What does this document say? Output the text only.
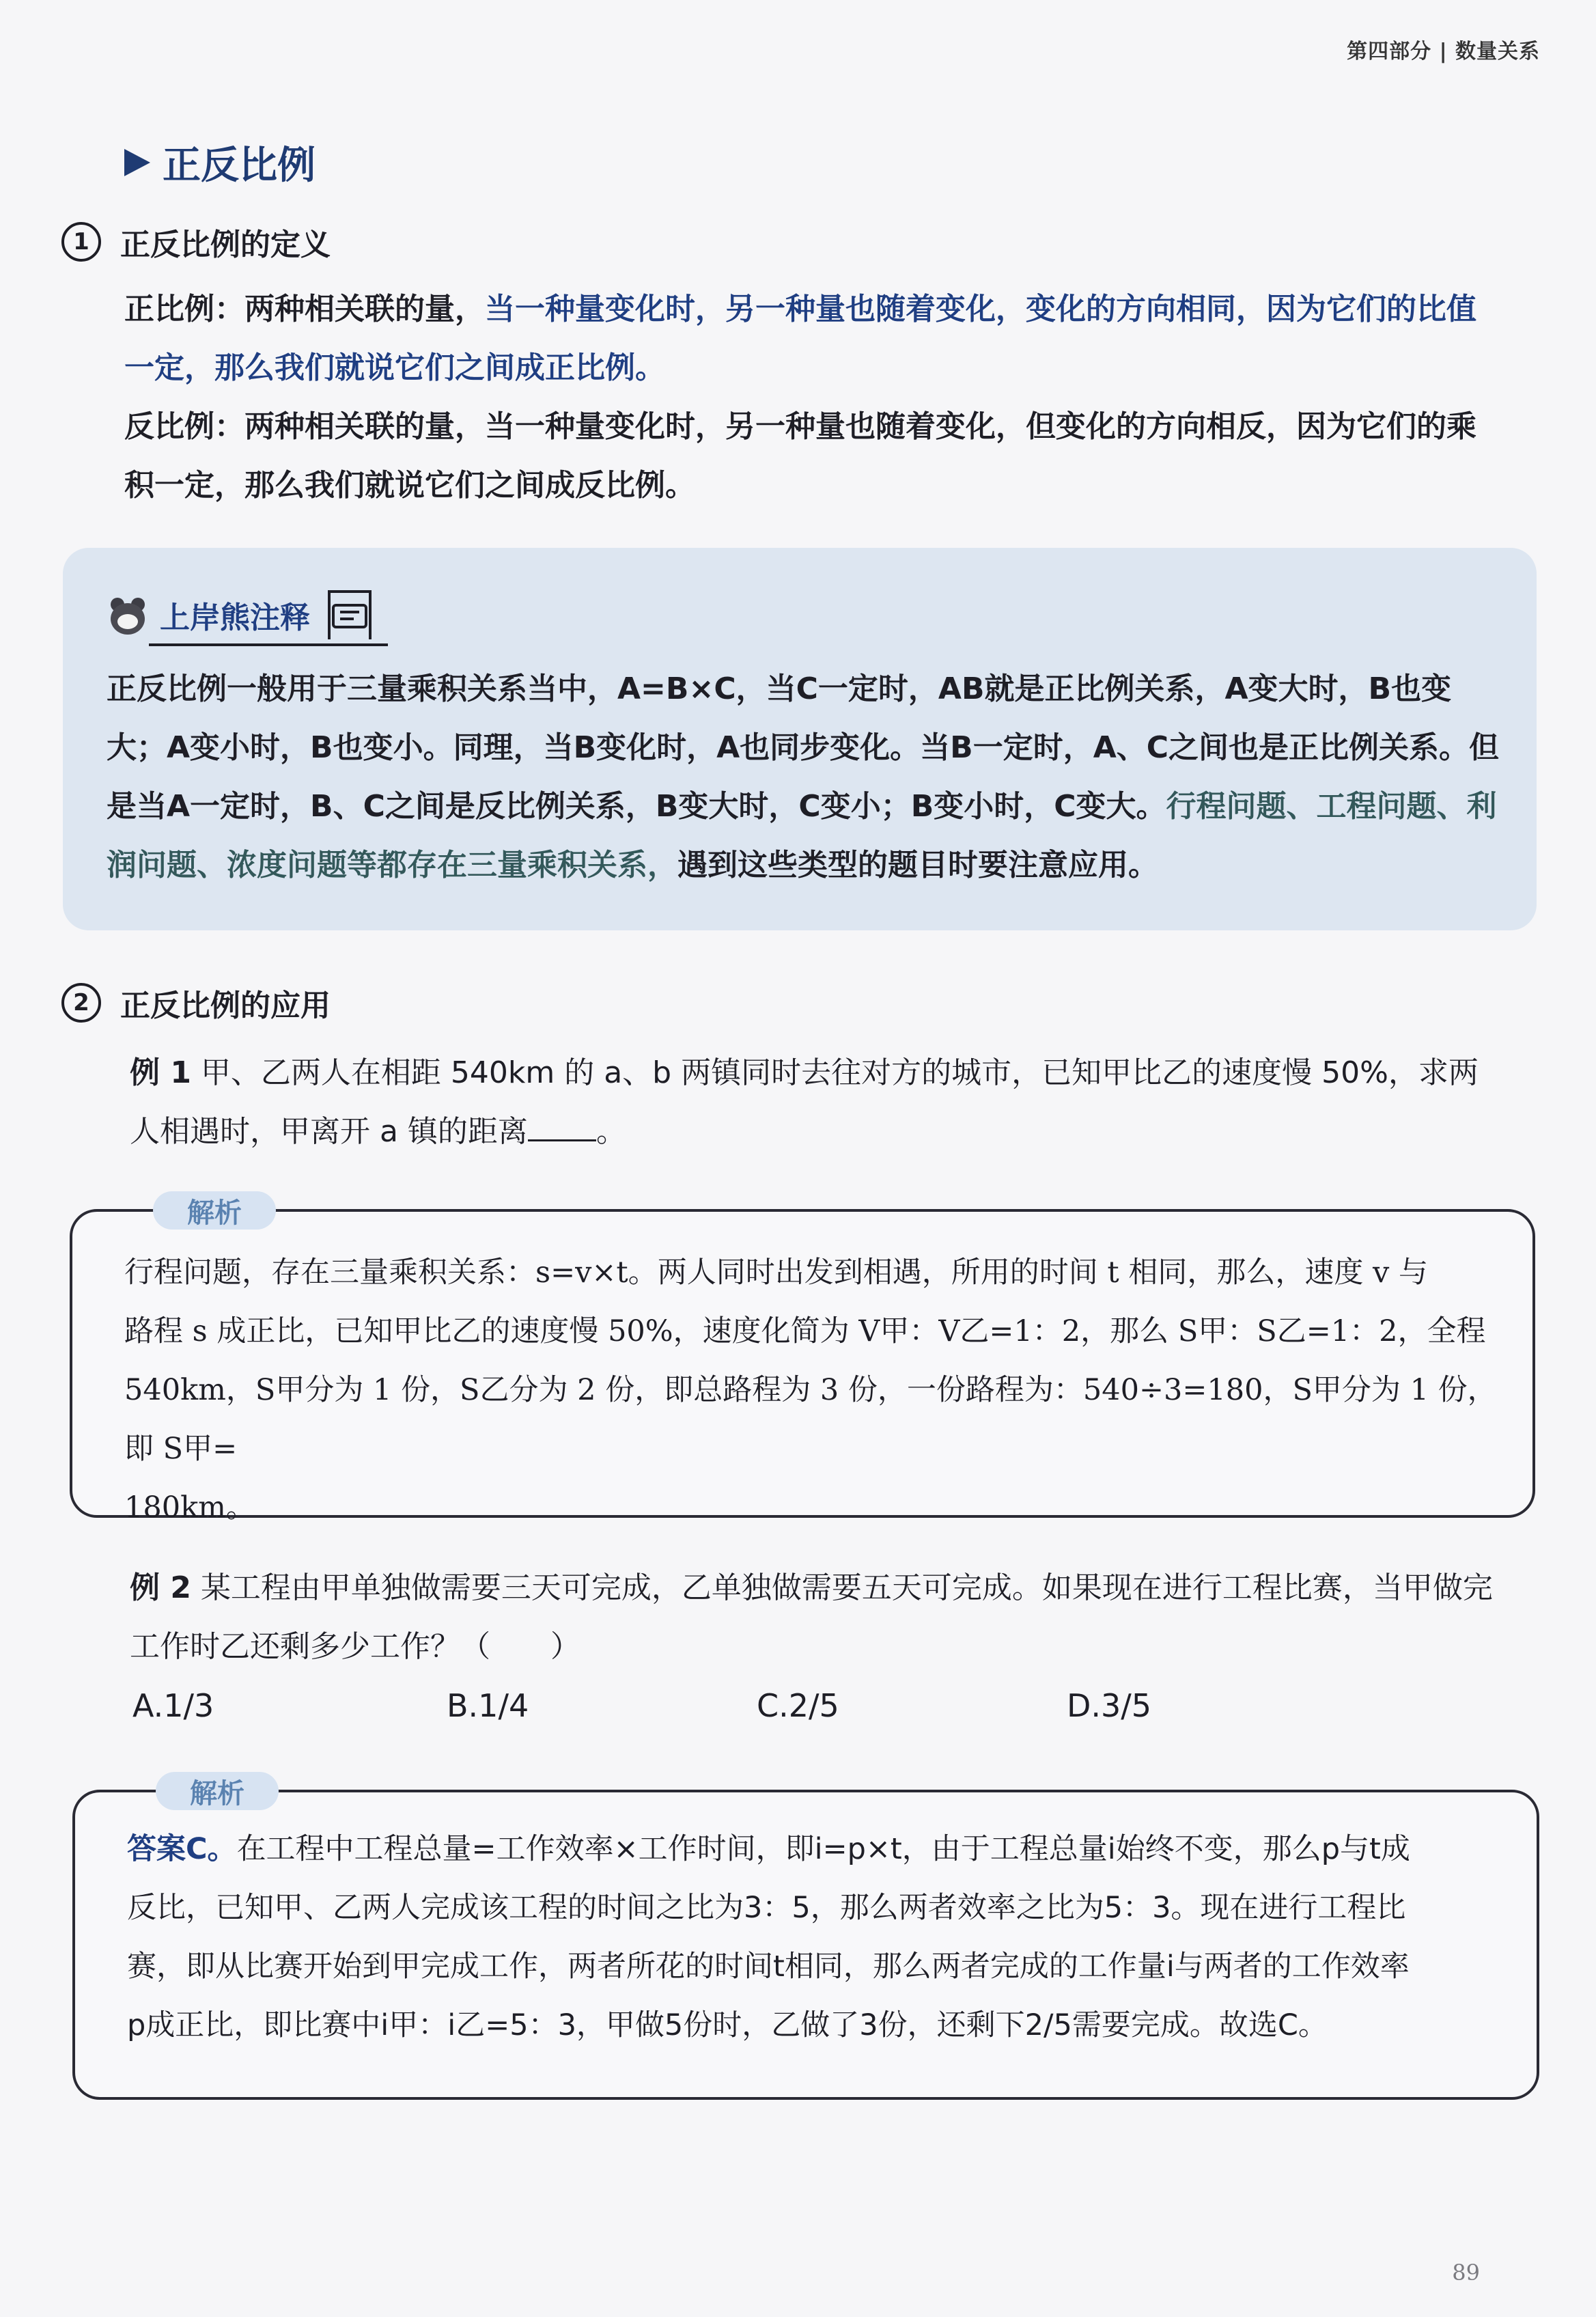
第四部分 | 数量关系
正反比例
1	正反比例的定义
正比例：两种相关联的量，当一种量变化时，另一种量也随着变化，变化的方向相同，因为它们的比值一定，那么我们就说它们之间成正比例。
反比例：两种相关联的量，当一种量变化时，另一种量也随着变化，但变化的方向相反，因为它们的乘积一定，那么我们就说它们之间成反比例。
上岸熊注释
正反比例一般用于三量乘积关系当中，A=B×C，当C一定时，AB就是正比例关系，A变大时，B也变大；A变小时，B也变小。同理，当B变化时，A也同步变化。当B一定时，A、C之间也是正比例关系。但是当A一定时，B、C之间是反比例关系，B变大时，C变小；B变小时，C变大。行程问题、工程问题、利润问题、浓度问题等都存在三量乘积关系，遇到这些类型的题目时要注意应用。
2	正反比例的应用
例 1 甲、乙两人在相距 540km 的 a、b 两镇同时去往对方的城市，已知甲比乙的速度慢 50%，求两人相遇时，甲离开 a 镇的距离 。
解析
行程问题，存在三量乘积关系：s=v×t。两人同时出发到相遇，所用的时间 t 相同，那么，速度 v 与
路程 s 成正比，已知甲比乙的速度慢 50%，速度化简为 V甲：V乙=1：2，那么 S甲：S乙=1：2，全程
540km，S甲分为 1 份，S乙分为 2 份，即总路程为 3 份，一份路程为：540÷3=180，S甲分为 1 份，即 S甲=
180km。
例 2 某工程由甲单独做需要三天可完成，乙单独做需要五天可完成。如果现在进行工程比赛，当甲做完工作时乙还剩多少工作？（　　）
A.1/3	B.1/4	C.2/5	D.3/5
解析
答案C。在工程中工程总量=工作效率×工作时间，即i=p×t，由于工程总量i始终不变，那么p与t成
反比，已知甲、乙两人完成该工程的时间之比为3：5，那么两者效率之比为5：3。现在进行工程比
赛，即从比赛开始到甲完成工作，两者所花的时间t相同，那么两者完成的工作量i与两者的工作效率
p成正比，即比赛中i甲：i乙=5：3，甲做5份时，乙做了3份，还剩下2/5需要完成。故选C。
89
